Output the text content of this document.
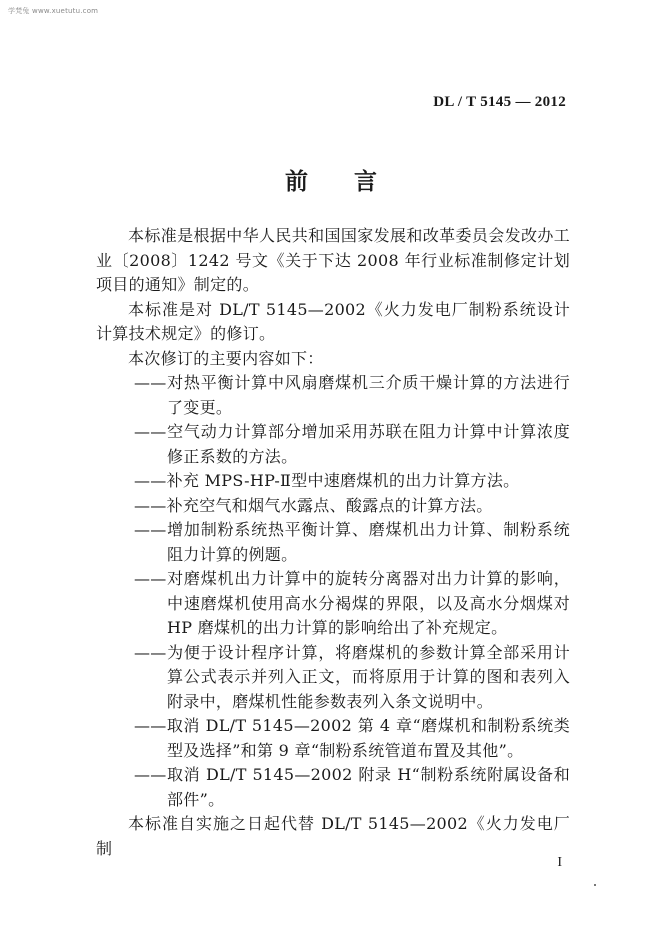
学梵兔 www.xuetutu.com
DL / T 5145 — 2012
前言

本标准是根据中华人民共和国国家发展和改革委员会发改办工业〔2008〕1242 号文《关于下达 2008 年行业标准制修定计划项目的通知》制定的。

本标准是对 DL/T 5145—2002《火力发电厂制粉系统设计计算技术规定》的修订。

本次修订的主要内容如下：

——对热平衡计算中风扇磨煤机三介质干燥计算的方法进行了变更。

——空气动力计算部分增加采用苏联在阻力计算中计算浓度修正系数的方法。

——补充 MPS-HP-Ⅱ型中速磨煤机的出力计算方法。

——补充空气和烟气水露点、酸露点的计算方法。

——增加制粉系统热平衡计算、磨煤机出力计算、制粉系统阻力计算的例题。

——对磨煤机出力计算中的旋转分离器对出力计算的影响，中速磨煤机使用高水分褐煤的界限，以及高水分烟煤对 HP 磨煤机的出力计算的影响给出了补充规定。

——为便于设计程序计算，将磨煤机的参数计算全部采用计算公式表示并列入正文，而将原用于计算的图和表列入附录中，磨煤机性能参数表列入条文说明中。

——取消 DL/T 5145—2002 第 4 章“磨煤机和制粉系统类型及选择”和第 9 章“制粉系统管道布置及其他”。

——取消 DL/T 5145—2002 附录 H“制粉系统附属设备和部件”。

本标准自实施之日起代替 DL/T 5145—2002《火力发电厂制

I
